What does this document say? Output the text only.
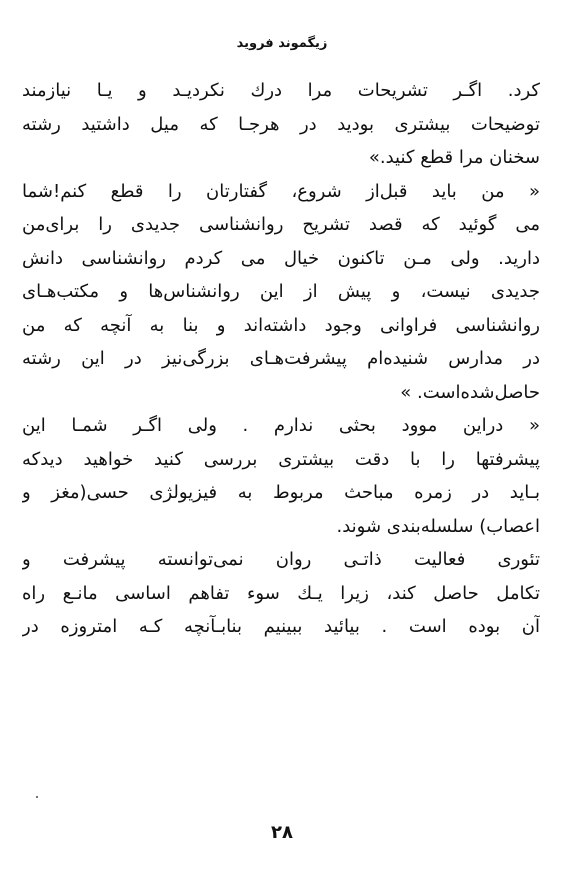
زیگموند فروید
کرد. اگـر تشریحات مرا درك نکردیـد و یـا نیازمند
توضیحات بیشتری بودید در هرجـا که میل داشتید رشته
سخنان مرا قطع کنید.»
« من باید قبل‌از شروع، گفتارتان را قطع کنم!شما
می گوئید که قصد تشریح روانشناسی جدیدی را برای‌من
دارید. ولی مـن تاکنون خیال می کردم روانشناسی دانش
جدیدی نیست، و پیش از این روانشناس‌ها و مکتب‌هـای
روانشناسی فراوانی وجود داشته‌اند و بنا به آنچه که من
در مدارس شنیده‌ام پیشرفت‌هـای بزرگی‌نیز در این رشته
حاصل‌شده‌است. »
« دراین موود بحثی ندارم . ولی اگـر شمـا این
پیشرفتها را با دقت بیشتری بررسی کنید خواهید دیدکه
بـاید در زمره مباحث مربوط به فیزیولژی حسی(مغز و
اعصاب) سلسله‌بندی شوند.
تئوری فعالیت ذاتـی روان نمی‌توانسته پیشرفت و
تکامل حاصل کند، زیرا یـك سوء تفاهم اساسی مانـع راه
آن بوده است . بیائید ببینیم بنابـآنچه کـه امتروزه در
۲۸
